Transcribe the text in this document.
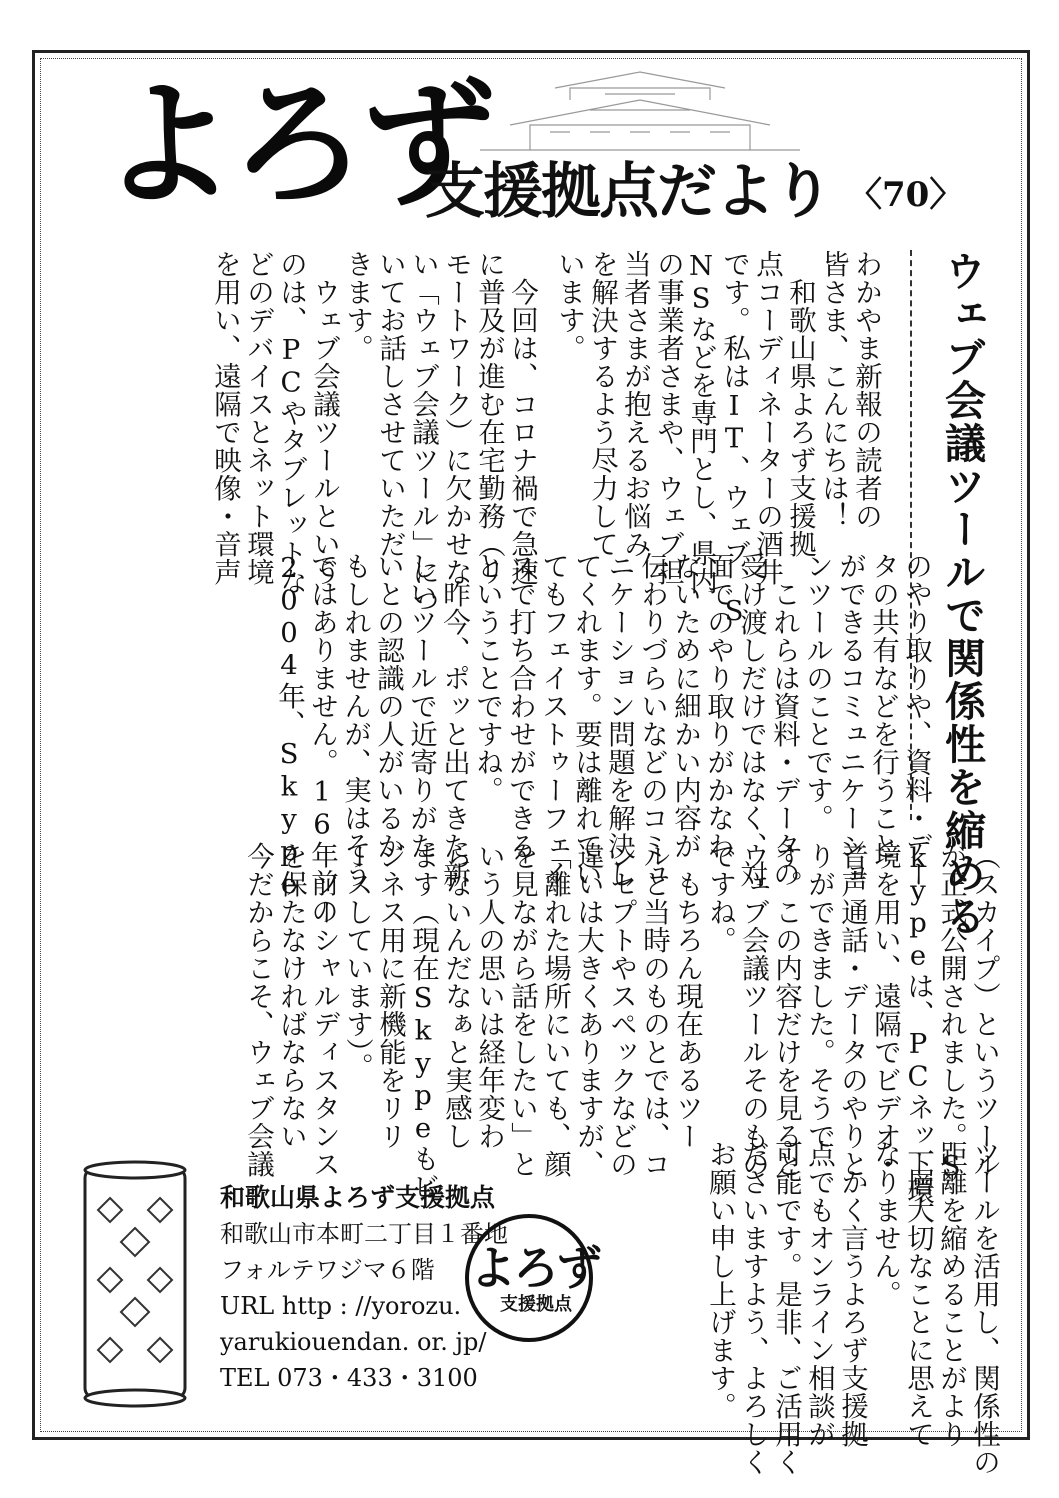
よろず
支援拠点だより 〈70〉
ウェブ会議ツールで関係性を縮める
わかやま新報の読者の
皆さま、こんにちは！
　和歌山県よろず支援拠
点コーディネーターの酒井
です。私はIT、ウェブ、S
NSなどを専門とし、県内
の事業者さまや、ウェブ担
当者さまが抱えるお悩み
を解決するよう尽力して
います。
　今回は、コロナ禍で急速
に普及が進む在宅勤務（リ
モートワーク）に欠かせな
い「ウェブ会議ツール」につ
いてお話しさせていただ
きます。
　ウェブ会議ツールという
のは、PCやタブレットな
どのデバイスとネット環境
を用い、遠隔で映像・音声
のやり取りや、資料・デー
タの共有などを行うこと
ができるコミュニケーショ
ンツールのことです。
　これらは資料・データの
受け渡しだけではなく、対
面でのやり取りがかなわ
ないために細かい内容が
伝わりづらいなどのコミュ
ニケーション問題を解決し
てくれます。要は離れてい
てもフェイストゥーフェイ
スで打ち合わせができる
ということですね。
　昨今、ポッと出てきた新
しいツールで近寄りがた
いとの認識の人がいるか
もしれませんが、実はそう
ではありません。16年前の
2004年、Skype
（スカイプ）というツール
が正式公開されました。S
kypeは、PCネット環
境を用い、遠隔でビデオ・
音声通話・データのやりと
りができました。そうで
す。この内容だけを見ると
ウェブ会議ツールそのもの
ですね。
　もちろん現在あるツー
ルと当時のものとでは、コ
ンセプトやスペックなどの
違いは大きくありますが、
「離れた場所にいても、顔
を見ながら話をしたい」と
いう人の思いは経年変わ
らないんだなぁと実感し
ます（現在Skypeもビ
ジネス用に新機能をリリ
ースしています）。
　ソーシャルディスタンス
を保たなければならない
今だからこそ、ウェブ会議
ツールを活用し、関係性の
距離を縮めることがより
一層大切なことに思えて
なりません。
　かく言うよろず支援拠
点でもオンライン相談が
可能です。是非、ご活用く
ださいますよう、よろしく
お願い申し上げます。
和歌山県よろず支援拠点
和歌山市本町二丁目１番地
フォルテワジマ６階
URL http : //yorozu.
yarukiouendan. or. jp/
TEL 073・433・3100
よろず
支援拠点
